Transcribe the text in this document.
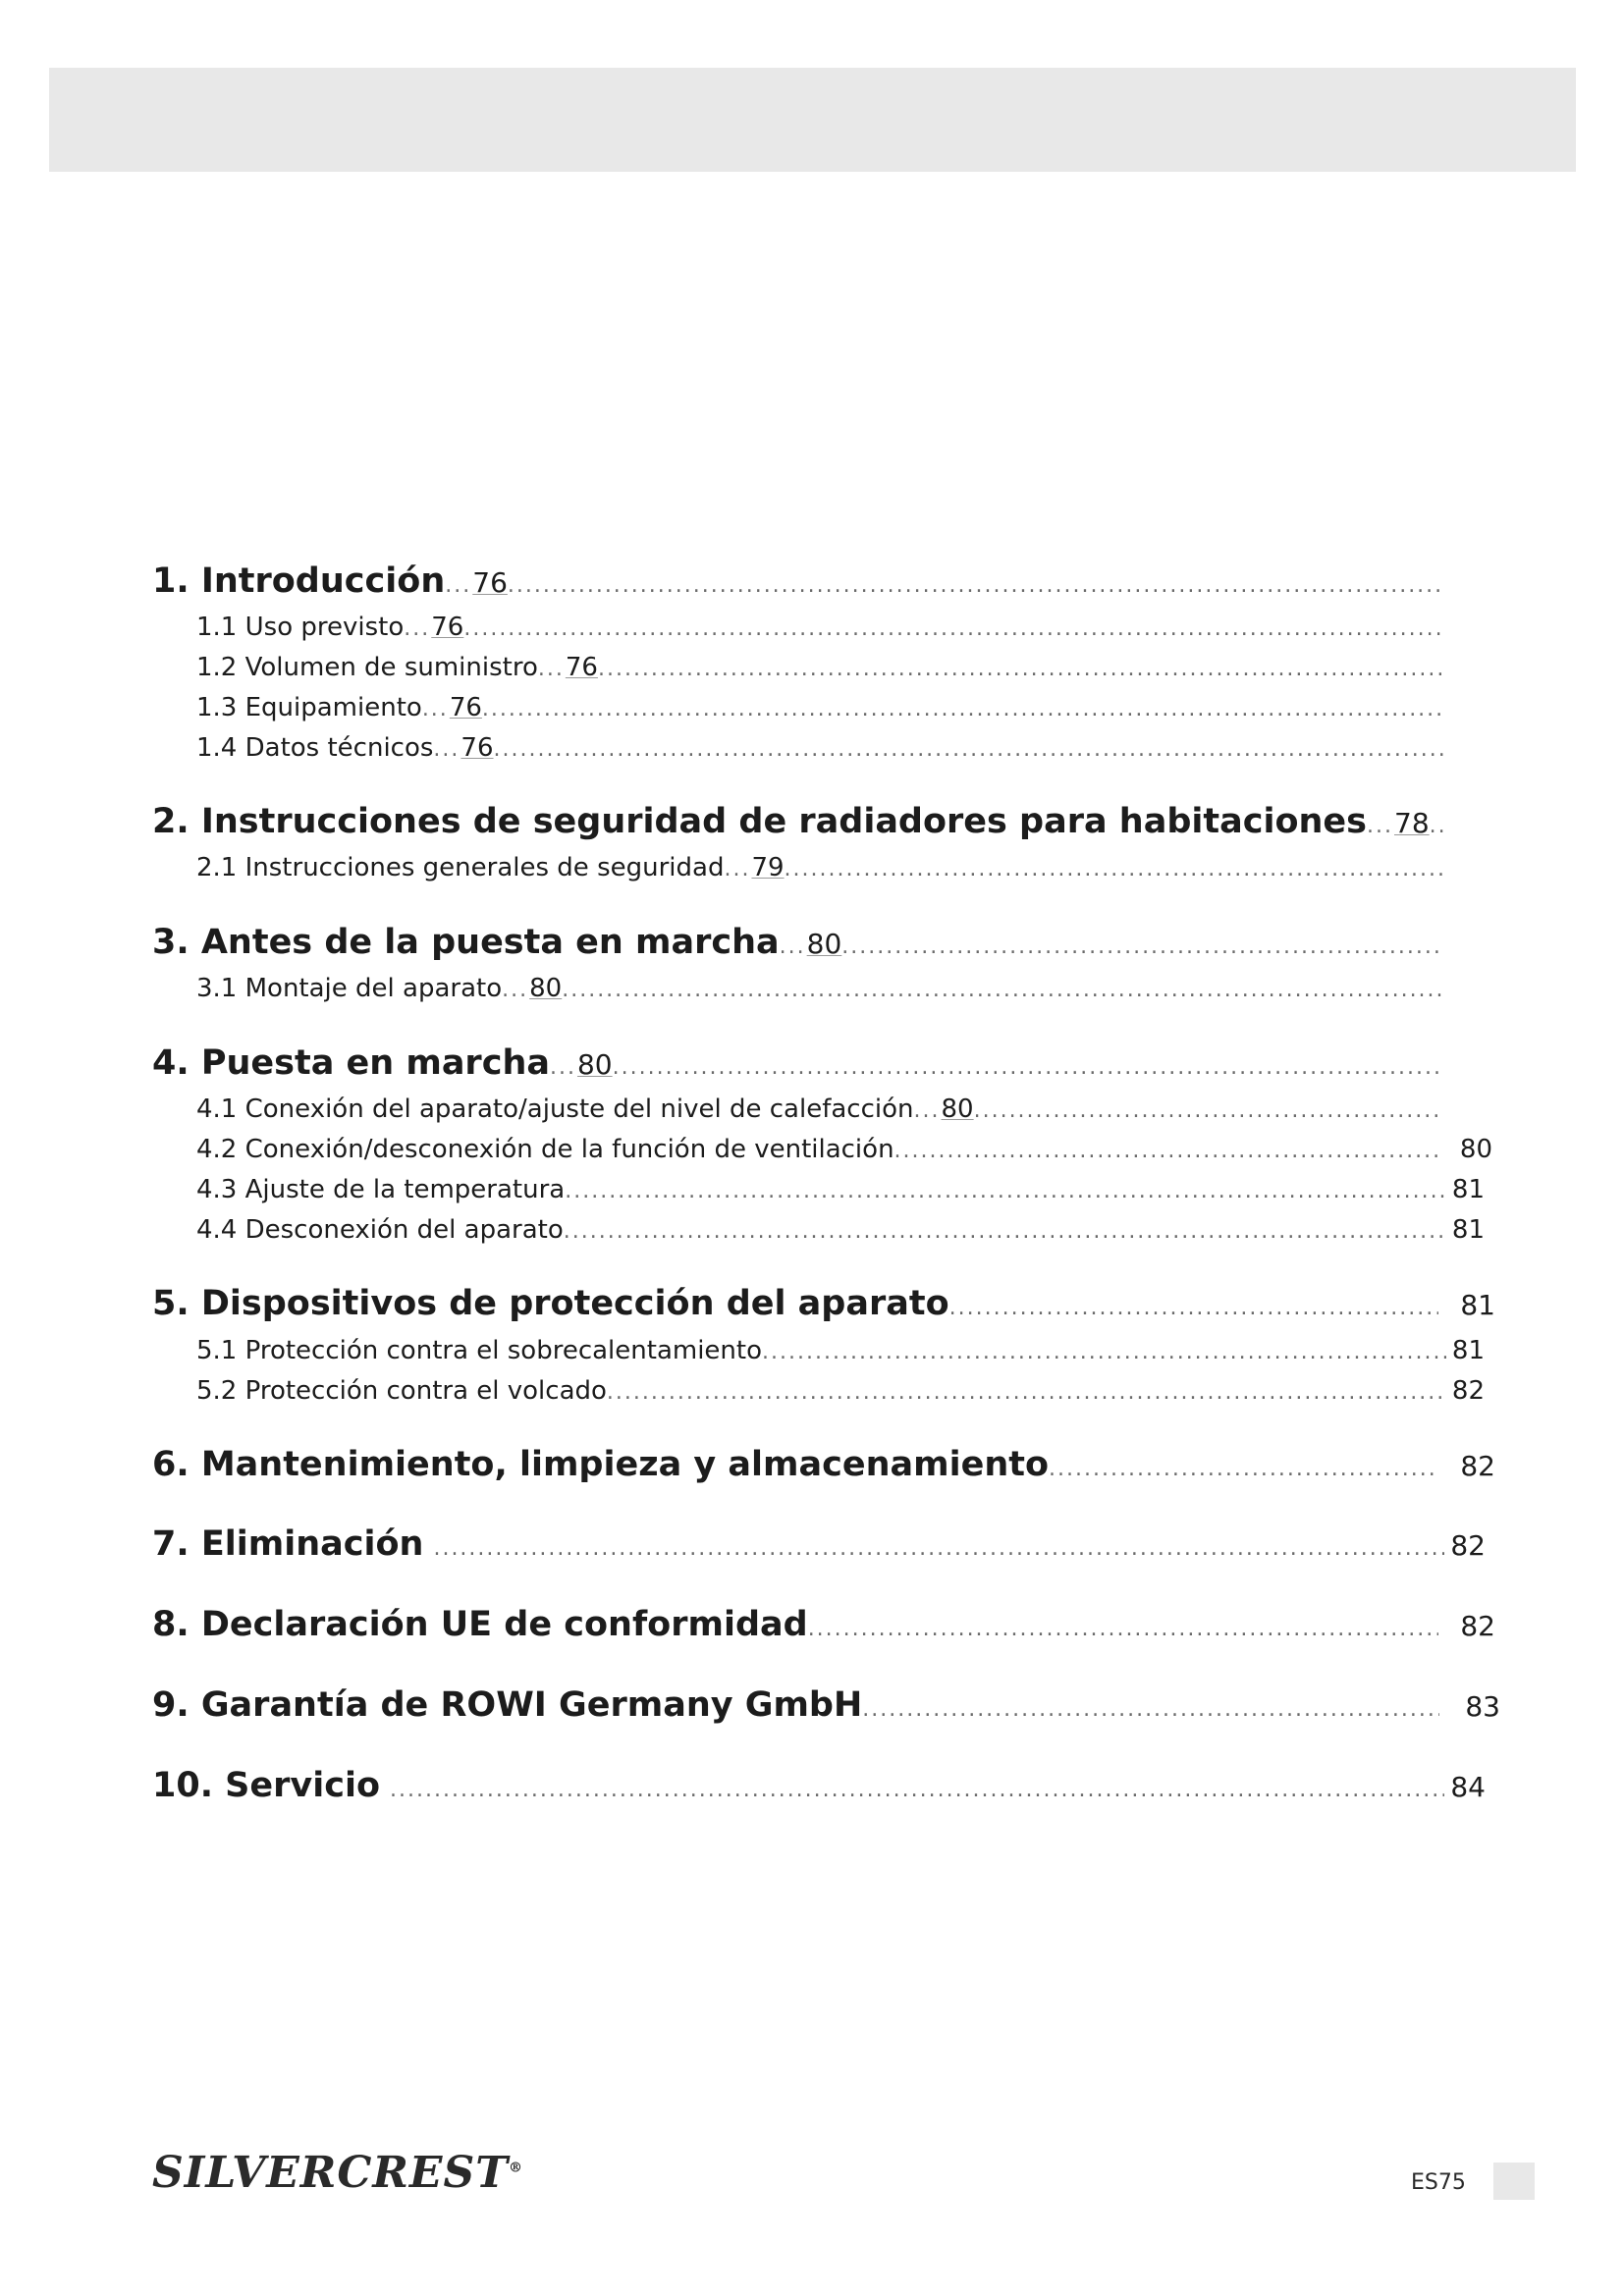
1. Introducción ..... 76
.....
1.1 Uso previsto ..... 76
.....
1.2 Volumen de suministro ..... 76
.....
1.3 Equipamiento ..... 76
.....
1.4 Datos técnicos ..... 76
.....
2. Instrucciones de seguridad de radiadores para habitaciones ..... 78
.....
2.1 Instrucciones generales de seguridad ..... 79
.....
3. Antes de la puesta en marcha ..... 80
.....
3.1 Montaje del aparato ..... 80
.....
4. Puesta en marcha ..... 80
.....
4.1 Conexión del aparato/ajuste del nivel de calefacción ..... 80
.....
4.2 Conexión/desconexión de la función de ventilación .....	80
4.3 Ajuste de la temperatura .....	81
4.4 Desconexión del aparato .....	81
5. Dispositivos de protección del aparato .....	81
5.1 Protección contra el sobrecalentamiento .....	81
5.2 Protección contra el volcado .....	82
6. Mantenimiento, limpieza y almacenamiento .....	82
7. Eliminación .....	82
8. Declaración UE de conformidad .....	82
9. Garantía de ROWI Germany GmbH .....	83
10. Servicio .....	84
SILVERCREST®
ES75
